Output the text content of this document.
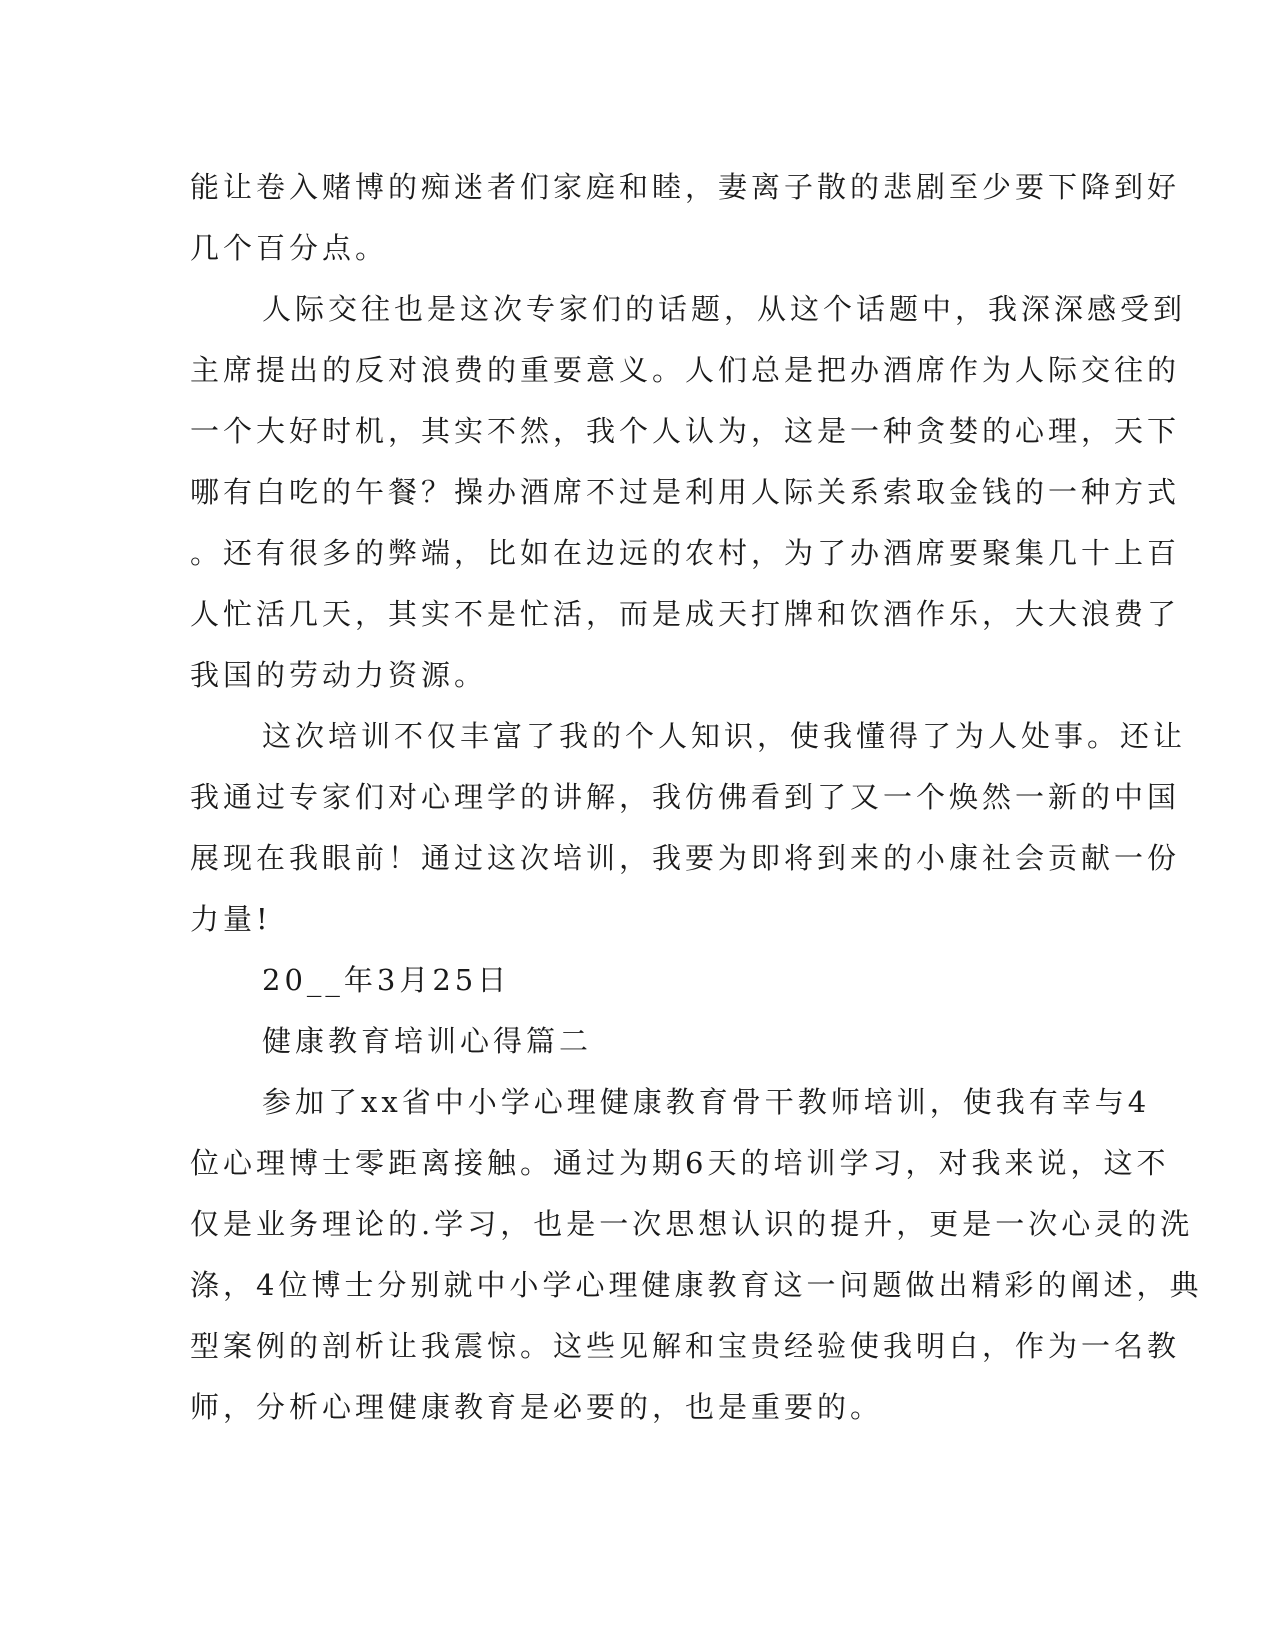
能让卷入赌博的痴迷者们家庭和睦，妻离子散的悲剧至少要下降到好
几个百分点。
人际交往也是这次专家们的话题，从这个话题中，我深深感受到
主席提出的反对浪费的重要意义。人们总是把办酒席作为人际交往的
一个大好时机，其实不然，我个人认为，这是一种贪婪的心理，天下
哪有白吃的午餐？操办酒席不过是利用人际关系索取金钱的一种方式
。还有很多的弊端，比如在边远的农村，为了办酒席要聚集几十上百
人忙活几天，其实不是忙活，而是成天打牌和饮酒作乐，大大浪费了
我国的劳动力资源。
这次培训不仅丰富了我的个人知识，使我懂得了为人处事。还让
我通过专家们对心理学的讲解，我仿佛看到了又一个焕然一新的中国
展现在我眼前！通过这次培训，我要为即将到来的小康社会贡献一份
力量!
20__年3月25日
健康教育培训心得篇二
参加了xx省中小学心理健康教育骨干教师培训，使我有幸与4
位心理博士零距离接触。通过为期6天的培训学习，对我来说，这不
仅是业务理论的.学习，也是一次思想认识的提升，更是一次心灵的洗
涤，4位博士分别就中小学心理健康教育这一问题做出精彩的阐述，典
型案例的剖析让我震惊。这些见解和宝贵经验使我明白，作为一名教
师，分析心理健康教育是必要的，也是重要的。
